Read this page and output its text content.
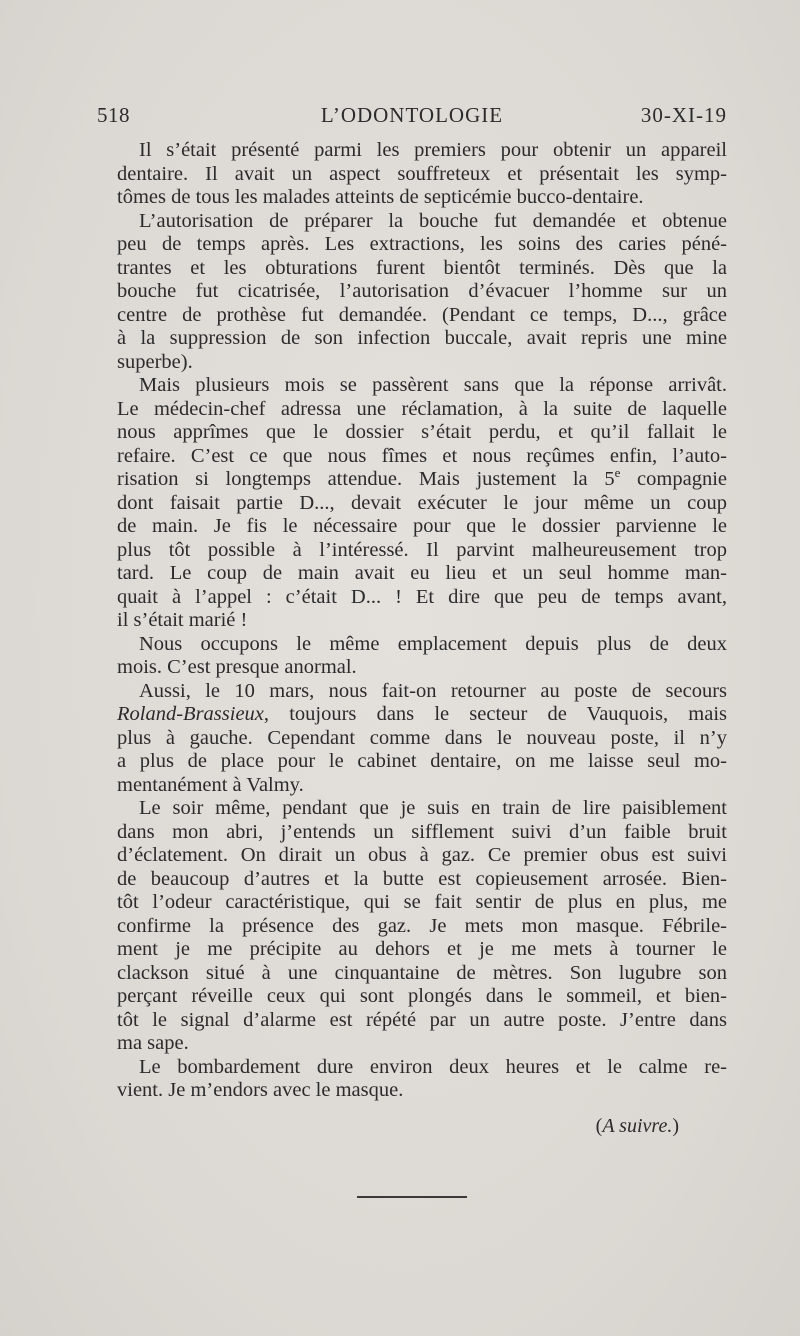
518	L’ODONTOLOGIE	30-XI-19
Il s’était présenté parmi les premiers pour obtenir un appareil
dentaire. Il avait un aspect souffreteux et présentait les symp-
tômes de tous les malades atteints de septicémie bucco-dentaire.
L’autorisation de préparer la bouche fut demandée et obtenue
peu de temps après. Les extractions, les soins des caries péné-
trantes et les obturations furent bientôt terminés. Dès que la
bouche fut cicatrisée, l’autorisation d’évacuer l’homme sur un
centre de prothèse fut demandée. (Pendant ce temps, D..., grâce
à la suppression de son infection buccale, avait repris une mine
superbe).
Mais plusieurs mois se passèrent sans que la réponse arrivât.
Le médecin-chef adressa une réclamation, à la suite de laquelle
nous apprîmes que le dossier s’était perdu, et qu’il fallait le
refaire. C’est ce que nous fîmes et nous reçûmes enfin, l’auto-
risation si longtemps attendue. Mais justement la 5e compagnie
dont faisait partie D..., devait exécuter le jour même un coup
de main. Je fis le nécessaire pour que le dossier parvienne le
plus tôt possible à l’intéressé. Il parvint malheureusement trop
tard. Le coup de main avait eu lieu et un seul homme man-
quait à l’appel : c’était D... ! Et dire que peu de temps avant,
il s’était marié !
Nous occupons le même emplacement depuis plus de deux
mois. C’est presque anormal.
Aussi, le 10 mars, nous fait-on retourner au poste de secours
Roland-Brassieux, toujours dans le secteur de Vauquois, mais
plus à gauche. Cependant comme dans le nouveau poste, il n’y
a plus de place pour le cabinet dentaire, on me laisse seul mo-
mentanément à Valmy.
Le soir même, pendant que je suis en train de lire paisiblement
dans mon abri, j’entends un sifflement suivi d’un faible bruit
d’éclatement. On dirait un obus à gaz. Ce premier obus est suivi
de beaucoup d’autres et la butte est copieusement arrosée. Bien-
tôt l’odeur caractéristique, qui se fait sentir de plus en plus, me
confirme la présence des gaz. Je mets mon masque. Fébrile-
ment je me précipite au dehors et je me mets à tourner le
clackson situé à une cinquantaine de mètres. Son lugubre son
perçant réveille ceux qui sont plongés dans le sommeil, et bien-
tôt le signal d’alarme est répété par un autre poste. J’entre dans
ma sape.
Le bombardement dure environ deux heures et le calme re-
vient. Je m’endors avec le masque.
(A suivre.)
